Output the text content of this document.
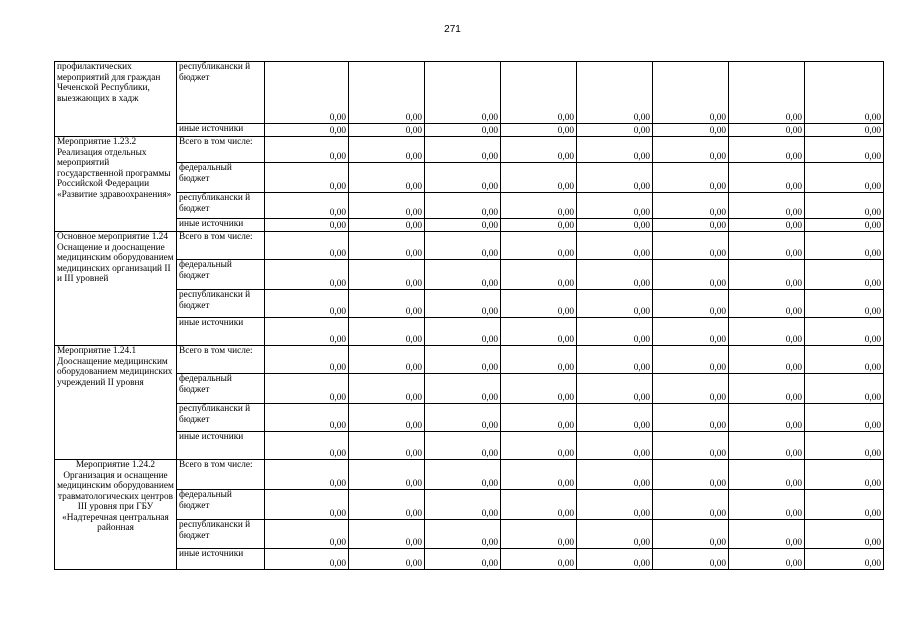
271
профилактических мероприятий для граждан Чеченской Республики, выезжающих в хадж	республикански й бюджет	0,00	0,00	0,00	0,00	0,00	0,00	0,00	0,00
	иные источники	0,00	0,00	0,00	0,00	0,00	0,00	0,00	0,00
Мероприятие 1.23.2 Реализация отдельных мероприятий государственной программы Российской Федерации «Развитие здравоохранения»	Всего в том числе:	0,00	0,00	0,00	0,00	0,00	0,00	0,00	0,00
	федеральный бюджет	0,00	0,00	0,00	0,00	0,00	0,00	0,00	0,00
	республикански й бюджет	0,00	0,00	0,00	0,00	0,00	0,00	0,00	0,00
	иные источники	0,00	0,00	0,00	0,00	0,00	0,00	0,00	0,00
Основное мероприятие 1.24 Оснащение и дооснащение медицинским оборудованием медицинских организаций II и III уровней	Всего в том числе:	0,00	0,00	0,00	0,00	0,00	0,00	0,00	0,00
	федеральный бюджет	0,00	0,00	0,00	0,00	0,00	0,00	0,00	0,00
	республикански й бюджет	0,00	0,00	0,00	0,00	0,00	0,00	0,00	0,00
	иные источники	0,00	0,00	0,00	0,00	0,00	0,00	0,00	0,00
Мероприятие 1.24.1 Дооснащение медицинским оборудованием медицинских учреждений II уровня	Всего в том числе:	0,00	0,00	0,00	0,00	0,00	0,00	0,00	0,00
	федеральный бюджет	0,00	0,00	0,00	0,00	0,00	0,00	0,00	0,00
	республикански й бюджет	0,00	0,00	0,00	0,00	0,00	0,00	0,00	0,00
	иные источники	0,00	0,00	0,00	0,00	0,00	0,00	0,00	0,00
Мероприятие 1.24.2 Организация и оснащение медицинским оборудованием травматологических центров III уровня при ГБУ «Надтеречная центральная районная	Всего в том числе:	0,00	0,00	0,00	0,00	0,00	0,00	0,00	0,00
	федеральный бюджет	0,00	0,00	0,00	0,00	0,00	0,00	0,00	0,00
	республикански й бюджет	0,00	0,00	0,00	0,00	0,00	0,00	0,00	0,00
	иные источники	0,00	0,00	0,00	0,00	0,00	0,00	0,00	0,00
